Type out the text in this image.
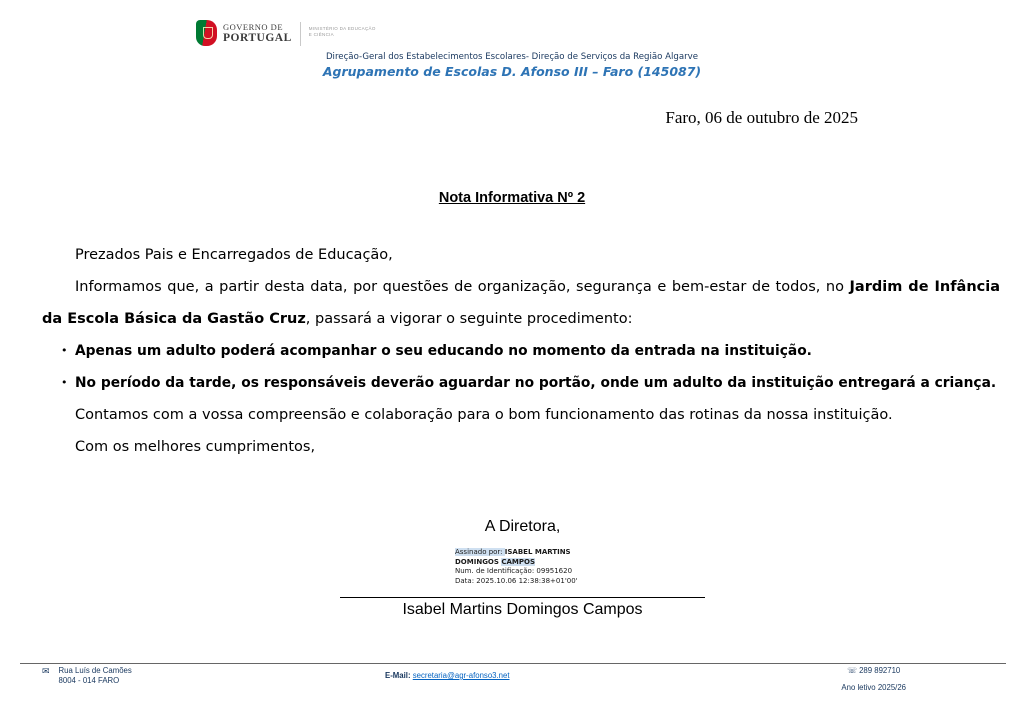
GOVERNO DE
PORTUGAL
MINISTÉRIO DA EDUCAÇÃO
E CIÊNCIA
Direção-Geral dos Estabelecimentos Escolares- Direção de Serviços da Região Algarve
Agrupamento de Escolas D. Afonso III – Faro (145087)
Faro, 06 de outubro de 2025
Nota Informativa Nº 2

Prezados Pais e Encarregados de Educação,

Informamos que, a partir desta data, por questões de organização, segurança e bem-estar de todos, no Jardim de Infância da Escola Básica da Gastão Cruz, passará a vigorar o seguinte procedimento:

• Apenas um adulto poderá acompanhar o seu educando no momento da entrada na instituição.
• No período da tarde, os responsáveis deverão aguardar no portão, onde um adulto da instituição entregará a criança.

Contamos com a vossa compreensão e colaboração para o bom funcionamento das rotinas da nossa instituição.

Com os melhores cumprimentos,

A Diretora,
Assinado por: ISABEL MARTINS DOMINGOS CAMPOS
Num. de Identificação: 09951620
Data: 2025.10.06 12:38:38+01'00'
Isabel Martins Domingos Campos
✉ Rua Luís de Camões
8004 - 014 FARO
E-Mail: secretaria@agr-afonso3.net
☏ 289 892710
Ano letivo 2025/26
